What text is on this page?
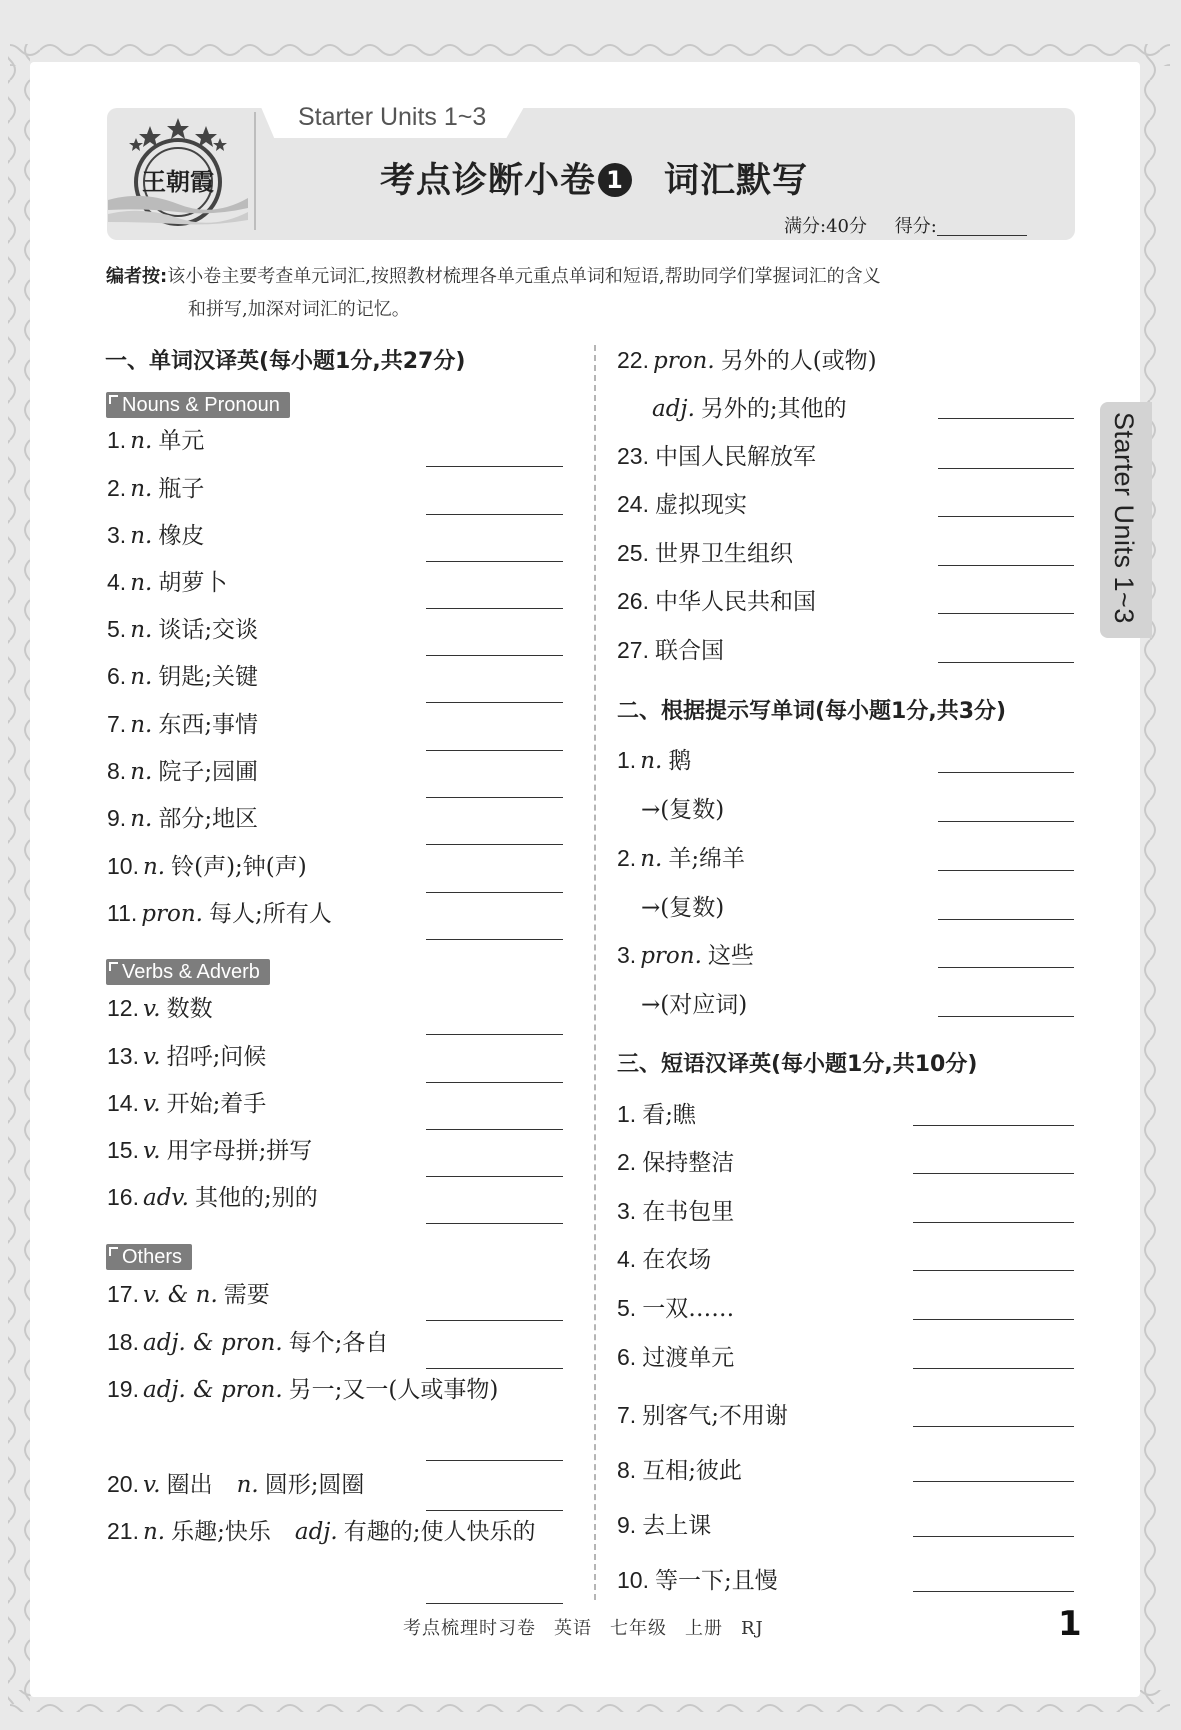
Starter Units 1~3
王朝霞	考点诊断小卷 1 词汇默写
满分:40分 得分:
编者按:该小卷主要考查单元词汇,按照教材梳理各单元重点单词和短语,帮助同学们掌握词汇的含义
和拼写,加深对词汇的记忆。
一、单词汉译英(每小题1分,共27分)
Nouns & Pronoun
1. n. 单元
2. n. 瓶子
3. n. 橡皮
4. n. 胡萝卜
5. n. 谈话;交谈
6. n. 钥匙;关键
7. n. 东西;事情
8. n. 院子;园圃
9. n. 部分;地区
10. n. 铃(声);钟(声)
11. pron. 每人;所有人
12. v. 数数
13. v. 招呼;问候
14. v. 开始;着手
15. v. 用字母拼;拼写
16. adv. 其他的;别的
17. v. & n. 需要
18. adj. & pron. 每个;各自
19. adj. & pron. 另一;又一(人或事物)
20. v. 圈出 n. 圆形;圆圈
21. n. 乐趣;快乐 adj. 有趣的;使人快乐的
Verbs & Adverb
Others
22. pron. 另外的人(或物)
adj. 另外的;其他的
23. 中国人民解放军
24. 虚拟现实
25. 世界卫生组织
26. 中华人民共和国
27. 联合国
1. n. 鹅
→(复数)
2. n. 羊;绵羊
→(复数)
3. pron. 这些
→(对应词)
1. 看;瞧
2. 保持整洁
3. 在书包里
4. 在农场
5. 一双……
6. 过渡单元
7. 别客气;不用谢
8. 互相;彼此
9. 去上课
10. 等一下;且慢
二、根据提示写单词(每小题1分,共3分)
三、短语汉译英(每小题1分,共10分)
Starter Units 1~3
考点梳理时习卷 英语 七年级 上册 RJ	1
